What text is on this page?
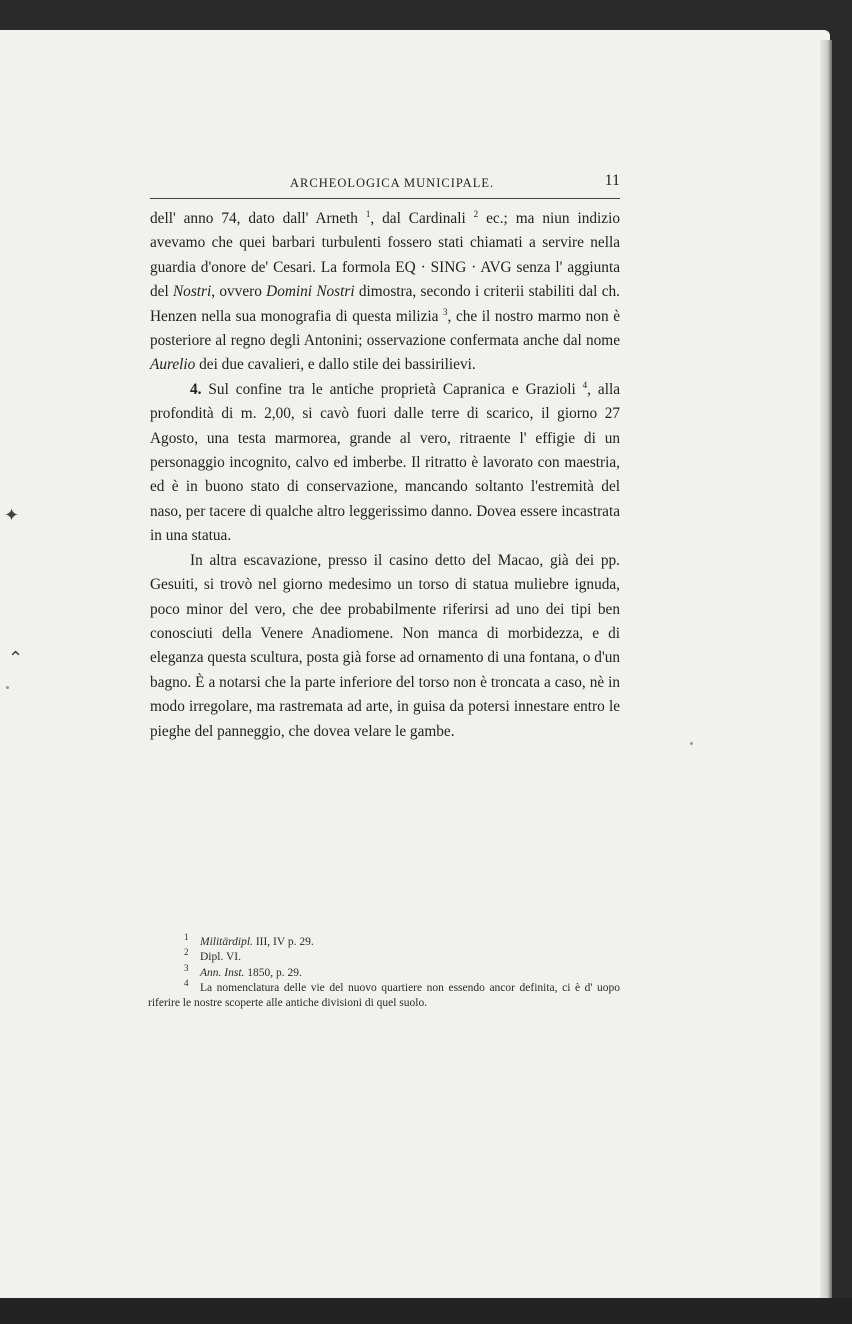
✦
⌃
ARCHEOLOGICA MUNICIPALE.	11

dell' anno 74, dato dall' Arneth $^1$, dal Cardinali $^2$ ec.; ma niun indizio avevamo che quei barbari turbulenti fossero stati chiamati a servire nella guardia d'onore de' Cesari. La formola EQ · SING · AVG senza l' aggiunta del Nostri, ovvero Domini Nostri dimostra, secondo i criterii stabiliti dal ch. Henzen nella sua monografia di questa milizia $^3$, che il nostro marmo non è posteriore al regno degli Antonini; osservazione confermata anche dal nome Aurelio dei due cavalieri, e dallo stile dei bassirilievi.

4. Sul confine tra le antiche proprietà Capranica e Grazioli $^4$, alla profondità di m. 2,00, si cavò fuori dalle terre di scarico, il giorno 27 Agosto, una testa marmorea, grande al vero, ritraente l' effigie di un personaggio incognito, calvo ed imberbe. Il ritratto è lavorato con maestria, ed è in buono stato di conservazione, mancando soltanto l'estremità del naso, per tacere di qualche altro leggerissimo danno. Dovea essere incastrata in una statua.

In altra escavazione, presso il casino detto del Macao, già dei pp. Gesuiti, si trovò nel giorno medesimo un torso di statua muliebre ignuda, poco minor del vero, che dee probabilmente riferirsi ad uno dei tipi ben conosciuti della Venere Anadiomene. Non manca di morbidezza, e di eleganza questa scultura, posta già forse ad ornamento di una fontana, o d'un bagno. È a notarsi che la parte inferiore del torso non è troncata a caso, nè in modo irregolare, ma rastremata ad arte, in guisa da potersi innestare entro le pieghe del panneggio, che dovea velare le gambe.

$^1$ Militärdipl. III, IV p. 29.

$^2$ Dipl. VI.

$^3$ Ann. Inst. 1850, p. 29.

$^4$ La nomenclatura delle vie del nuovo quartiere non essendo ancor definita, ci è d' uopo riferire le nostre scoperte alle antiche divisioni di quel suolo.
